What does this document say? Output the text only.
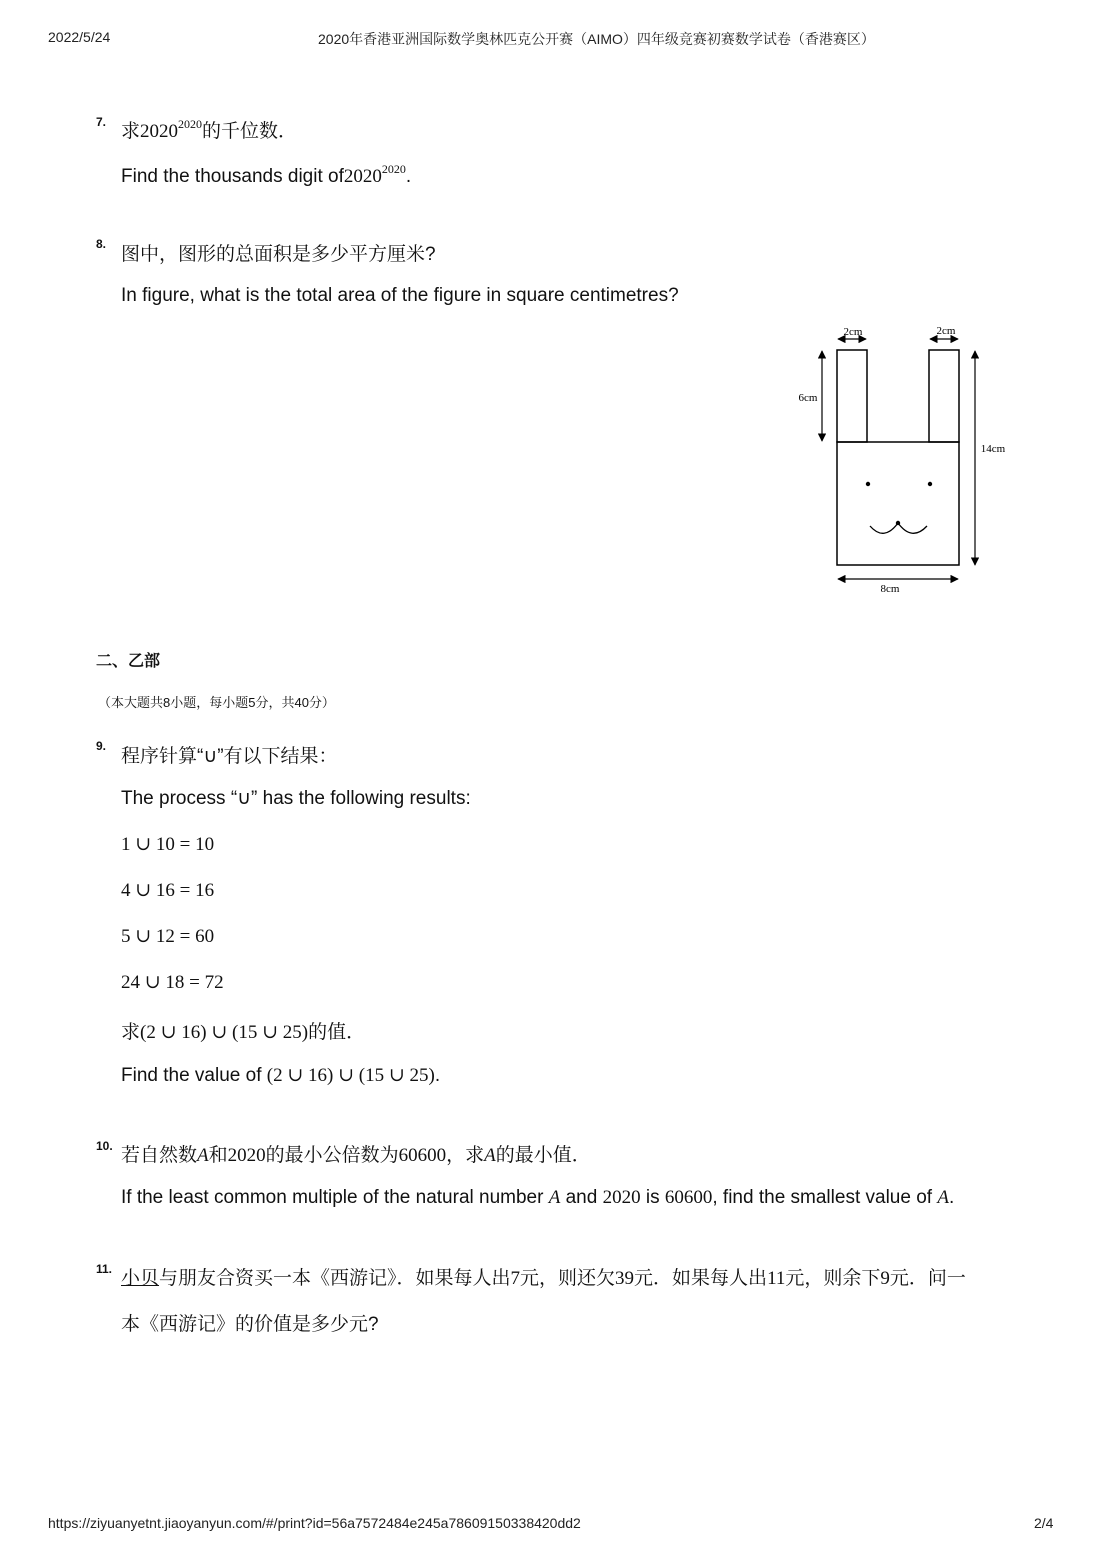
2022/5/24	2020年香港亚洲国际数学奥林匹克公开赛（AIMO）四年级竞赛初赛数学试卷（香港赛区）
7. 求$2020^{2020}$的千位数．
Find the thousands digit $of2020^{2020}$.
8. 图中，图形的总面积是多少平方厘米?
In figure, what is the total area of the figure in square centimetres?
2cm	2cm
6cm
14cm
8cm
二、乙部
（本大题共8小题，每小题5分，共40分）
9. 程序针算“∪”有以下结果：
The process “∪” has the following results:
1 ∪ 10 = 10
4 ∪ 16 = 16
5 ∪ 12 = 60
24 ∪ 18 = 72
求(2 ∪ 16) ∪ (15 ∪ 25)的值．
Find the value of (2 ∪ 16) ∪ (15 ∪ 25).
10. 若自然数A和2020的最小公倍数为60600，求A的最小值．
If the least common multiple of the natural number A and 2020 is 60600, find the smallest value of A.
11. 小贝与朋友合资买一本《西游记》．如果每人出7元，则还欠39元．如果每人出11元，则余下9元．问一
本《西游记》的价值是多少元?
https://ziyuanyetnt.jiaoyanyun.com/#/print?id=56a7572484e245a78609150338420dd2	2/4
